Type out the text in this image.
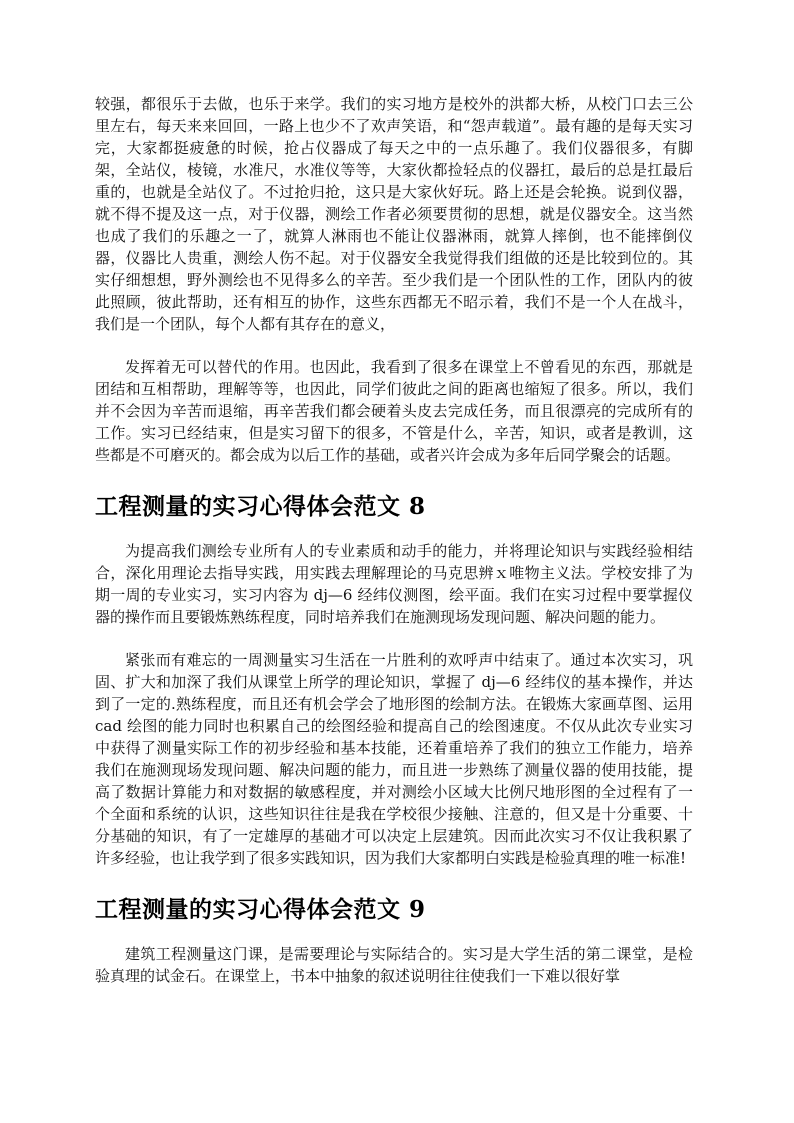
较强，都很乐于去做，也乐于来学。我们的实习地方是校外的洪都大桥，从校门口去三公里左右，每天来来回回，一路上也少不了欢声笑语，和“怨声载道”。最有趣的是每天实习完，大家都挺疲惫的时候，抢占仪器成了每天之中的一点乐趣了。我们仪器很多，有脚架，全站仪，棱镜，水准尺，水准仪等等，大家伙都捡轻点的仪器扛，最后的总是扛最后重的，也就是全站仪了。不过抢归抢，这只是大家伙好玩。路上还是会轮换。说到仪器，就不得不提及这一点，对于仪器，测绘工作者必须要贯彻的思想，就是仪器安全。这当然也成了我们的乐趣之一了，就算人淋雨也不能让仪器淋雨，就算人摔倒，也不能摔倒仪器，仪器比人贵重，测绘人伤不起。对于仪器安全我觉得我们组做的还是比较到位的。其实仔细想想，野外测绘也不见得多么的辛苦。至少我们是一个团队性的工作，团队内的彼此照顾，彼此帮助，还有相互的协作，这些东西都无不昭示着，我们不是一个人在战斗，我们是一个团队，每个人都有其存在的意义，

发挥着无可以替代的作用。也因此，我看到了很多在课堂上不曾看见的东西，那就是团结和互相帮助，理解等等，也因此，同学们彼此之间的距离也缩短了很多。所以，我们并不会因为辛苦而退缩，再辛苦我们都会硬着头皮去完成任务，而且很漂亮的完成所有的工作。实习已经结束，但是实习留下的很多，不管是什么，辛苦，知识，或者是教训，这些都是不可磨灭的。都会成为以后工作的基础，或者兴许会成为多年后同学聚会的话题。

工程测量的实习心得体会范文 8

为提高我们测绘专业所有人的专业素质和动手的能力，并将理论知识与实践经验相结合，深化用理论去指导实践，用实践去理解理论的马克思辨ｘ唯物主义法。学校安排了为期一周的专业实习，实习内容为 dj—6 经纬仪测图，绘平面。我们在实习过程中要掌握仪器的操作而且要锻炼熟练程度，同时培养我们在施测现场发现问题、解决问题的能力。

紧张而有难忘的一周测量实习生活在一片胜利的欢呼声中结束了。通过本次实习，巩固、扩大和加深了我们从课堂上所学的理论知识，掌握了 dj—6 经纬仪的基本操作，并达到了一定的.熟练程度，而且还有机会学会了地形图的绘制方法。在锻炼大家画草图、运用 cad 绘图的能力同时也积累自己的绘图经验和提高自己的绘图速度。不仅从此次专业实习中获得了测量实际工作的初步经验和基本技能，还着重培养了我们的独立工作能力，培养我们在施测现场发现问题、解决问题的能力，而且进一步熟练了测量仪器的使用技能，提高了数据计算能力和对数据的敏感程度，并对测绘小区域大比例尺地形图的全过程有了一个全面和系统的认识，这些知识往往是我在学校很少接触、注意的，但又是十分重要、十分基础的知识，有了一定雄厚的基础才可以决定上层建筑。因而此次实习不仅让我积累了许多经验，也让我学到了很多实践知识，因为我们大家都明白实践是检验真理的唯一标准!

工程测量的实习心得体会范文 9

建筑工程测量这门课，是需要理论与实际结合的。实习是大学生活的第二课堂，是检验真理的试金石。在课堂上，书本中抽象的叙述说明往往使我们一下难以很好掌
